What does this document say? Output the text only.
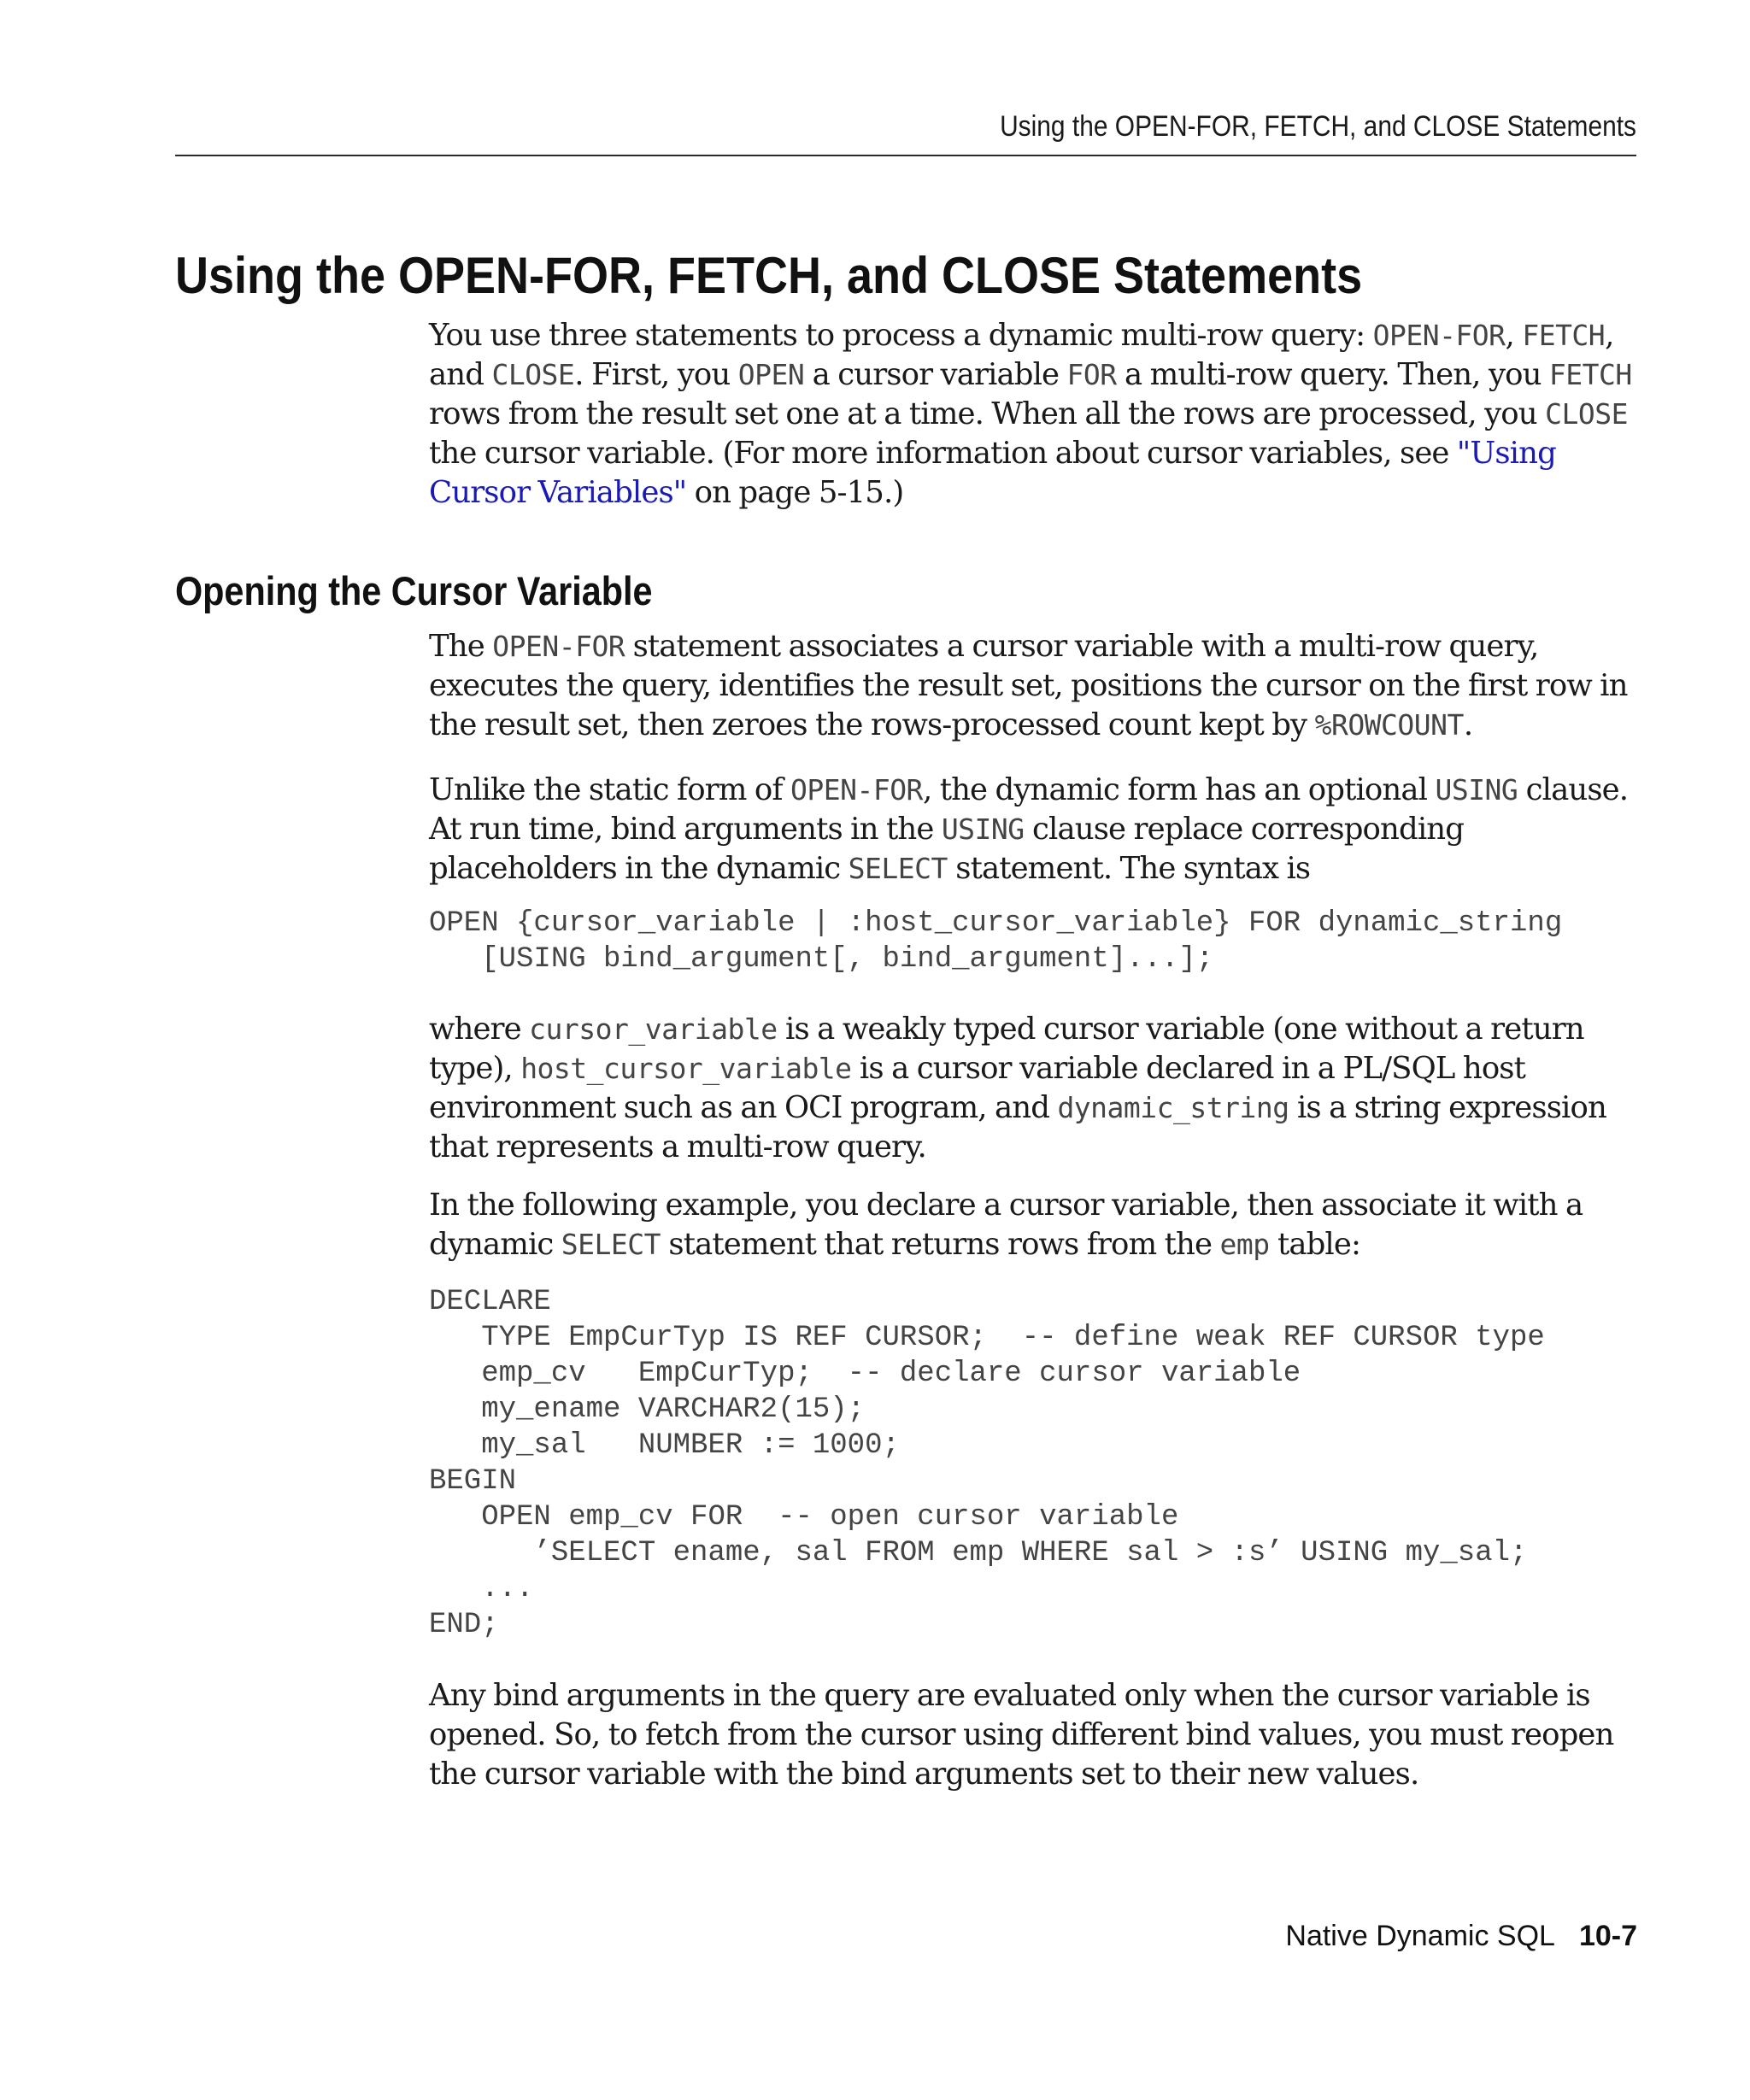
Using the OPEN-FOR, FETCH, and CLOSE Statements
Using the OPEN-FOR, FETCH, and CLOSE Statements

You use three statements to process a dynamic multi-row query: OPEN-FOR, FETCH, and CLOSE. First, you OPEN a cursor variable FOR a multi-row query. Then, you FETCH rows from the result set one at a time. When all the rows are processed, you CLOSE the cursor variable. (For more information about cursor variables, see "Using Cursor Variables" on page 5-15.)

Opening the Cursor Variable

The OPEN-FOR statement associates a cursor variable with a multi-row query, executes the query, identifies the result set, positions the cursor on the first row in the result set, then zeroes the rows-processed count kept by %ROWCOUNT.

Unlike the static form of OPEN-FOR, the dynamic form has an optional USING clause. At run time, bind arguments in the USING clause replace corresponding placeholders in the dynamic SELECT statement. The syntax is

OPEN {cursor_variable | :host_cursor_variable} FOR dynamic_string
[USING bind_argument[, bind_argument]...];

where cursor_variable is a weakly typed cursor variable (one without a return type), host_cursor_variable is a cursor variable declared in a PL/SQL host environment such as an OCI program, and dynamic_string is a string expression that represents a multi-row query.

In the following example, you declare a cursor variable, then associate it with a dynamic SELECT statement that returns rows from the emp table:

DECLARE
TYPE EmpCurTyp IS REF CURSOR;  -- define weak REF CURSOR type
emp_cv   EmpCurTyp;  -- declare cursor variable
my_ename VARCHAR2(15);
my_sal   NUMBER := 1000;
BEGIN
OPEN emp_cv FOR  -- open cursor variable
’SELECT ename, sal FROM emp WHERE sal > :s’ USING my_sal;
...
END;

Any bind arguments in the query are evaluated only when the cursor variable is opened. So, to fetch from the cursor using different bind values, you must reopen the cursor variable with the bind arguments set to their new values.

Native Dynamic SQL 10-7
